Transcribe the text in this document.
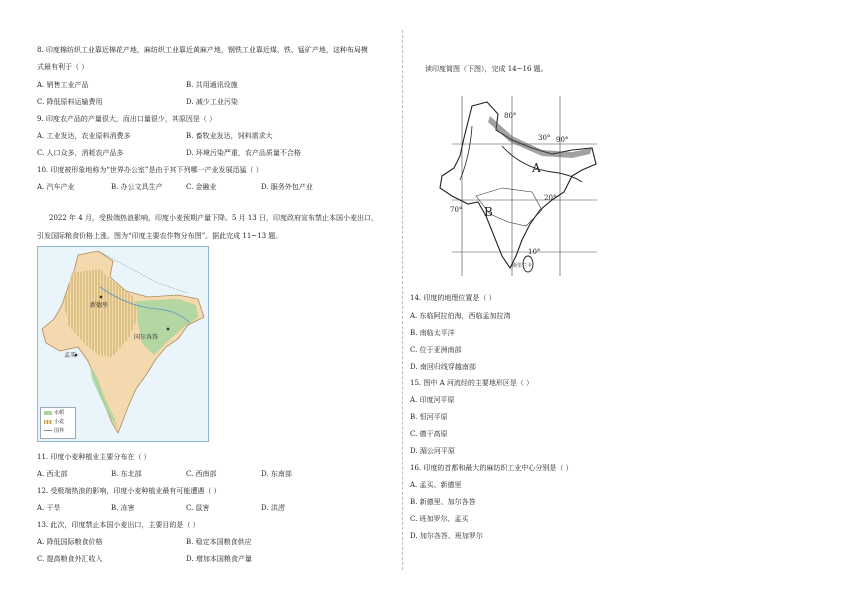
8. 印度棉纺织工业靠近棉花产地，麻纺织工业靠近黄麻产地，钢铁工业靠近煤、铁、锰矿产地，这种布局模
式最有利于（ ）
A. 销售工业产品	B. 共用通讯设施
C. 降低原料运输费用	D. 减少工业污染
9. 印度农产品的产量很大，而出口量很少，其原因是（ ）
A. 工业发达，农业原料消费多	B. 畜牧业发达，饲料需求大
C. 人口众多，消耗农产品多	D. 环境污染严重，农产品质量不合格
10. 印度被形象地称为“世界办公室”是由于其下列哪一产业发展迅猛（ ）
A. 汽车产业	B. 办公文具生产	C. 金融业	D. 服务外包产业
2022 年 4 月，受极端热浪影响，印度小麦预期产量下降。5 月 13 日，印度政府宣布禁止本国小麦出口，
引发国际粮食价格上涨。图为“印度主要农作物分布图”。据此完成 11~13 题。
新德里
孟买
国尔各答
水稻
小麦
国界
11. 印度小麦种植业主要分布在（ ）
A. 西北部	B. 东北部	C. 西南部	D. 东南部
12. 受极端热浪的影响，印度小麦种植业最有可能遭遇（ ）
A. 干旱	B. 冻害	C. 鼠害	D. 洪涝
13. 此次，印度禁止本国小麦出口，主要目的是（ ）
A. 降低国际粮食价格	B. 稳定本国粮食供应
C. 提高粮食外汇收入	D. 增加本国粮食产量
读印度简图（下图），完成 14~16 题。
80°
30° 90°
A
20°
70° B
10°
斯里兰卡
14. 印度的地理位置是（ ）
A. 东临阿拉伯海，西临孟加拉湾
B. 南临太平洋
C. 位于亚洲南部
D. 南回归线穿越南部
15. 图中 A 河流经的主要地形区是（ ）
A. 印度河平原
B. 恒河平原
C. 德干高原
D. 湄公河平原
16. 印度的首都和最大的麻纺织工业中心分别是（ ）
A. 孟买、新德里
B. 新德里、加尔各答
C. 班加罗尔、孟买
D. 加尔各答、班加罗尔
